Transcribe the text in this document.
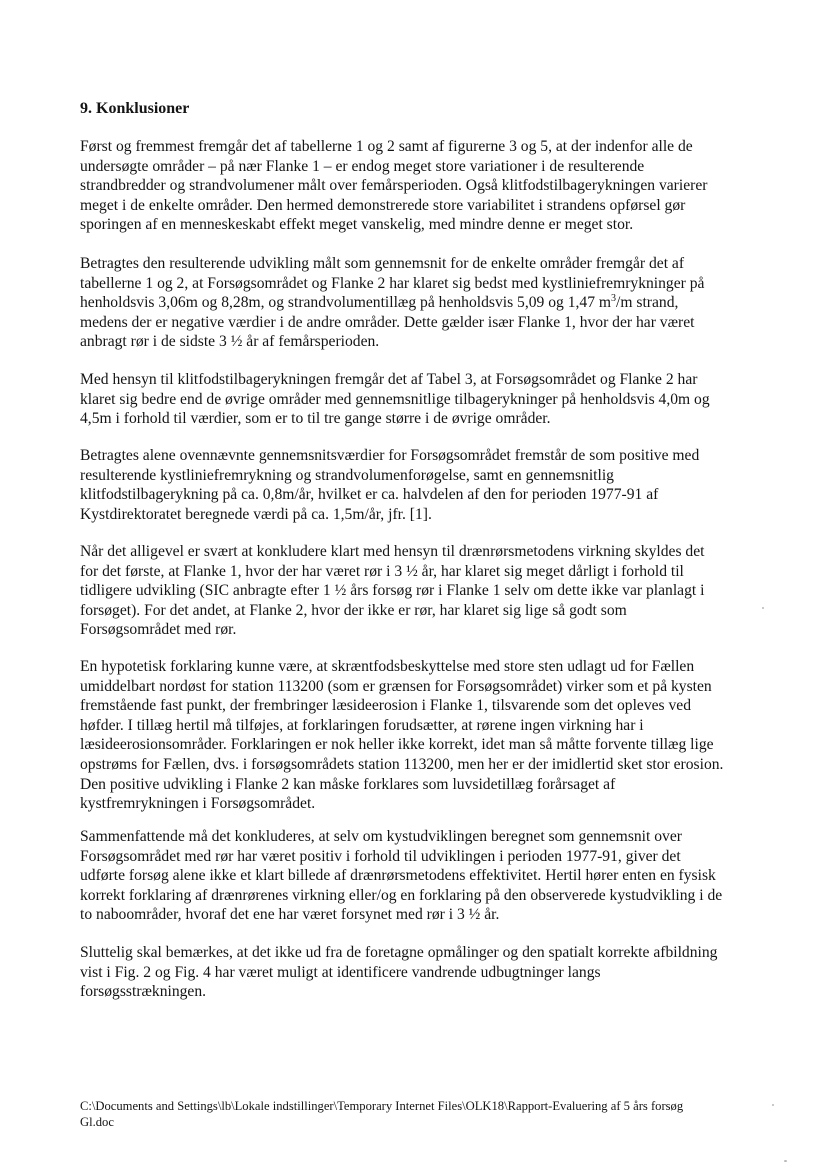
9. Konklusioner

Først og fremmest fremgår det af tabellerne 1 og 2 samt af figurerne 3 og 5, at der indenfor alle de
undersøgte områder – på nær Flanke 1 – er endog meget store variationer i de resulterende
strandbredder og strandvolumener målt over femårsperioden. Også klitfodstilbagerykningen varierer
meget i de enkelte områder. Den hermed demonstrerede store variabilitet i strandens opførsel gør
sporingen af en menneskeskabt effekt meget vanskelig, med mindre denne er meget stor.

Betragtes den resulterende udvikling målt som gennemsnit for de enkelte områder fremgår det af
tabellerne 1 og 2, at Forsøgsområdet og Flanke 2 har klaret sig bedst med kystliniefremrykninger på
henholdsvis 3,06m og 8,28m, og strandvolumentillæg på henholdsvis 5,09 og 1,47 $m^3/m$ strand,
medens der er negative værdier i de andre områder. Dette gælder især Flanke 1, hvor der har været
anbragt rør i de sidste 3 ½ år af femårsperioden.

Med hensyn til klitfodstilbagerykningen fremgår det af Tabel 3, at Forsøgsområdet og Flanke 2 har
klaret sig bedre end de øvrige områder med gennemsnitlige tilbagerykninger på henholdsvis 4,0m og
4,5m i forhold til værdier, som er to til tre gange større i de øvrige områder.

Betragtes alene ovennævnte gennemsnitsværdier for Forsøgsområdet fremstår de som positive med
resulterende kystliniefremrykning og strandvolumenforøgelse, samt en gennemsnitlig
klitfodstilbagerykning på ca. 0,8m/år, hvilket er ca. halvdelen af den for perioden 1977-91 af
Kystdirektoratet beregnede værdi på ca. 1,5m/år, jfr. [1].

Når det alligevel er svært at konkludere klart med hensyn til drænrørsmetodens virkning skyldes det
for det første, at Flanke 1, hvor der har været rør i 3 ½ år, har klaret sig meget dårligt i forhold til
tidligere udvikling (SIC anbragte efter 1 ½ års forsøg rør i Flanke 1 selv om dette ikke var planlagt i
forsøget). For det andet, at Flanke 2, hvor der ikke er rør, har klaret sig lige så godt som
Forsøgsområdet med rør.

En hypotetisk forklaring kunne være, at skræntfodsbeskyttelse med store sten udlagt ud for Fællen
umiddelbart nordøst for station 113200 (som er grænsen for Forsøgsområdet) virker som et på kysten
fremstående fast punkt, der frembringer læsideerosion i Flanke 1, tilsvarende som det opleves ved
høfder. I tillæg hertil må tilføjes, at forklaringen forudsætter, at rørene ingen virkning har i
læsideerosionsområder. Forklaringen er nok heller ikke korrekt, idet man så måtte forvente tillæg lige
opstrøms for Fællen, dvs. i forsøgsområdets station 113200, men her er der imidlertid sket stor erosion.
Den positive udvikling i Flanke 2 kan måske forklares som luvsidetillæg forårsaget af
kystfremrykningen i Forsøgsområdet.

Sammenfattende må det konkluderes, at selv om kystudviklingen beregnet som gennemsnit over
Forsøgsområdet med rør har været positiv i forhold til udviklingen i perioden 1977-91, giver det
udførte forsøg alene ikke et klart billede af drænrørsmetodens effektivitet. Hertil hører enten en fysisk
korrekt forklaring af drænrørenes virkning eller/og en forklaring på den observerede kystudvikling i de
to naboområder, hvoraf det ene har været forsynet med rør i 3 ½ år.

Sluttelig skal bemærkes, at det ikke ud fra de foretagne opmålinger og den spatialt korrekte afbildning
vist i Fig. 2 og Fig. 4 har været muligt at identificere vandrende udbugtninger langs
forsøgsstrækningen.

C:\Documents and Settings\lb\Lokale indstillinger\Temporary Internet Files\OLK18\Rapport-Evaluering af 5 års forsøg
Gl.doc
